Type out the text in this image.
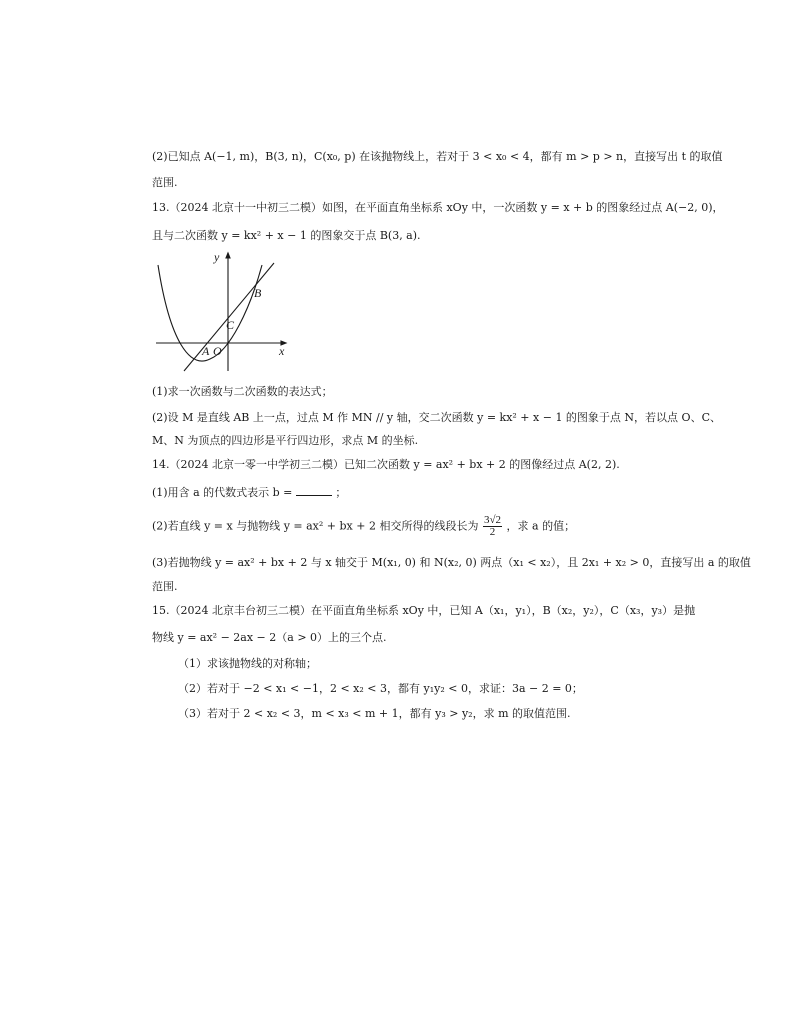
(2)已知点 A(−1, m)，B(3, n)，C(x₀, p) 在该抛物线上，若对于 3 < x₀ < 4，都有 m > p > n，直接写出 t 的取值
范围.
13.（2024 北京十一中初三二模）如图，在平面直角坐标系 xOy 中，一次函数 y = x + b 的图象经过点 A(−2, 0)，
且与二次函数 y = kx² + x − 1 的图象交于点 B(3, a).
y
x
B
C
A O
(1)求一次函数与二次函数的表达式；
(2)设 M 是直线 AB 上一点，过点 M 作 MN // y 轴，交二次函数 y = kx² + x − 1 的图象于点 N，若以点 O、C、
M、N 为顶点的四边形是平行四边形，求点 M 的坐标.
14.（2024 北京一零一中学初三二模）已知二次函数 y = ax² + bx + 2 的图像经过点 A(2, 2).
(1)用含 a 的代数式表示 b =	；
(2)若直线 y = x 与抛物线 y = ax² + bx + 2 相交所得的线段长为 $\frac{3√2}{2}$ ，求 a 的值；
(3)若抛物线 y = ax² + bx + 2 与 x 轴交于 M(x₁, 0) 和 N(x₂, 0) 两点（x₁ < x₂），且 2x₁ + x₂ > 0，直接写出 a 的取值
范围.
15.（2024 北京丰台初三二模）在平面直角坐标系 xOy 中，已知 A（x₁，y₁），B（x₂，y₂），C（x₃，y₃）是抛
物线 y = ax² − 2ax − 2（a > 0）上的三个点.
（1）求该抛物线的对称轴；
（2）若对于 −2 < x₁ < −1，2 < x₂ < 3，都有 y₁y₂ < 0，求证：3a − 2 = 0；
（3）若对于 2 < x₂ < 3，m < x₃ < m + 1，都有 y₃ > y₂，求 m 的取值范围.
